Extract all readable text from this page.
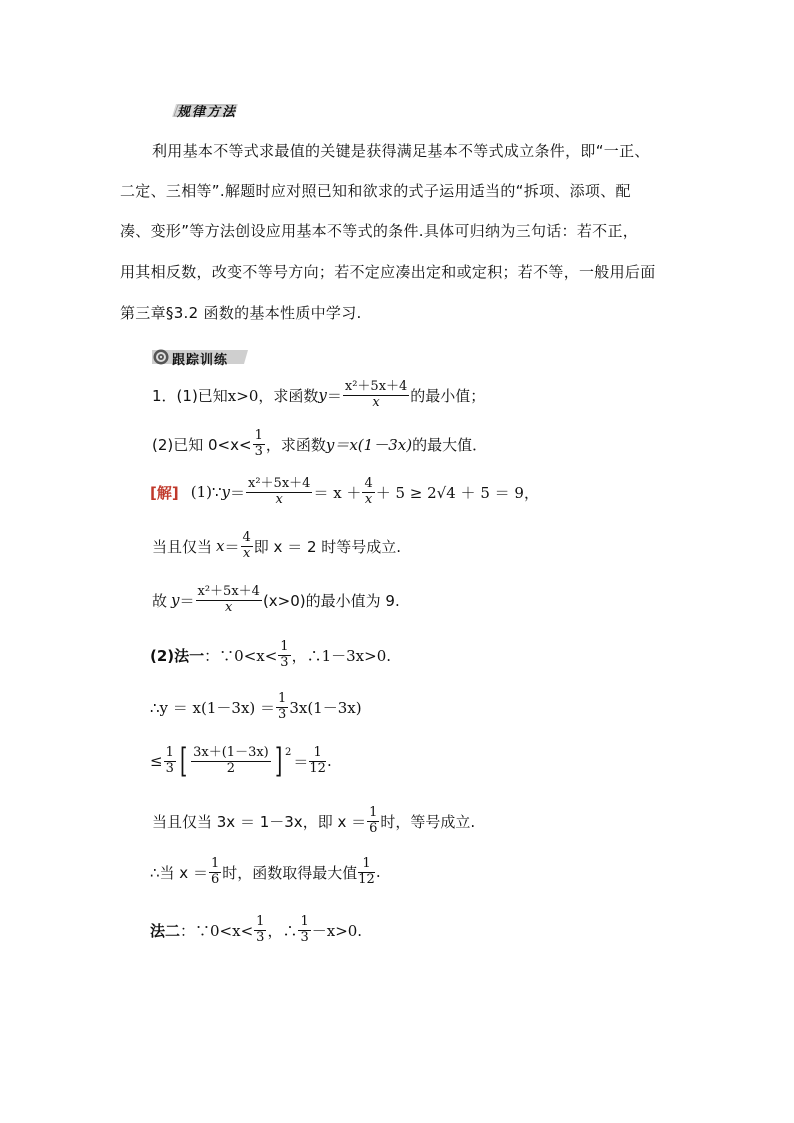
规律方法
利用基本不等式求最值的关键是获得满足基本不等式成立条件，即“一正、
二定、三相等”.解题时应对照已知和欲求的式子运用适当的“拆项、添项、配
凑、变形”等方法创设应用基本不等式的条件.具体可归纳为三句话：若不正，
用其相反数，改变不等号方向；若不定应凑出定和或定积；若不等，一般用后面
第三章§3.2 函数的基本性质中学习.
跟踪训练
1．(1)已知 x>0，求函数 $y = \frac{\text{x²＋5x＋4}}{x}$ 的最小值；
(2)已知 $0<x< \frac{1}{3}$ ，求函数 y＝x(1－3x) 的最大值．
[解] (1)∵ $y = \frac{\text{x²＋5x＋4}}{x} = x + \frac{4}{x} + 5 \ge 2√4 + 5 = 9$，
当且仅当 $x = \frac{4}{x}$ 即 x ＝ 2 时等号成立.
故 $y = \frac{\text{x²＋5x＋4}}{x} (x>0)$的最小值为 9.
(2)法一 ：∵0<x< $\frac{1}{3}$ ，∴1－3x>0.
∴y ＝ $x(1-3x) = \frac{1}{3} 3x(1-3x)$
≤ $\frac{1}{3}$ [ $\frac{3x+(1-3x)}{2}$ ] 2
＝ $\frac{1}{12}$ .
当且仅当 3x ＝ 1－3x，即 $x = \frac{1}{6}$ 时，等号成立.
∴当 $x = \frac{1}{6}$ 时，函数取得最大值 $\frac{1}{12}$ .
法二 ：∵0<x< $\frac{1}{3}$ ，∴ $\frac{1}{3} -x>0$.
